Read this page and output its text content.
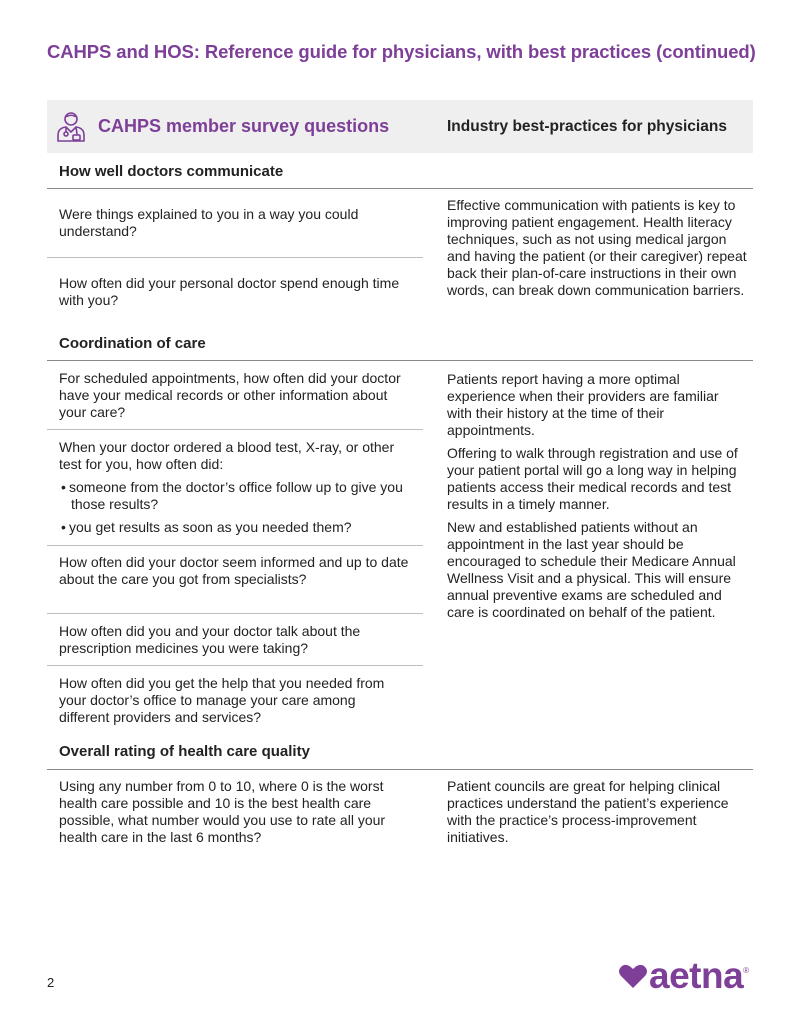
CAHPS and HOS: Reference guide for physicians, with best practices (continued)
CAHPS member survey questions	Industry best-practices for physicians
How well doctors communicate
Were things explained to you in a way you could understand?
How often did your personal doctor spend enough time with you?

Effective communication with patients is key to improving patient engagement. Health literacy techniques, such as not using medical jargon and having the patient (or their caregiver) repeat back their plan-of-care instructions in their own words, can break down communication barriers.

Coordination of care
For scheduled appointments, how often did your doctor have your medical records or other information about your care?
When your doctor ordered a blood test, X-ray, or other test for you, how often did:
• someone from the doctor’s office follow up to give you those results?
• you get results as soon as you needed them?
How often did your doctor seem informed and up to date about the care you got from specialists?
How often did you and your doctor talk about the prescription medicines you were taking?
How often did you get the help that you needed from your doctor’s office to manage your care among different providers and services?

Patients report having a more optimal experience when their providers are familiar with their history at the time of their appointments.

Offering to walk through registration and use of your patient portal will go a long way in helping patients access their medical records and test results in a timely manner.

New and established patients without an appointment in the last year should be encouraged to schedule their Medicare Annual Wellness Visit and a physical. This will ensure annual preventive exams are scheduled and care is coordinated on behalf of the patient.

Overall rating of health care quality
Using any number from 0 to 10, where 0 is the worst health care possible and 10 is the best health care possible, what number would you use to rate all your health care in the last 6 months?

Patient councils are great for helping clinical practices understand the patient’s experience with the practice’s process-improvement initiatives.

2	aetna ®
